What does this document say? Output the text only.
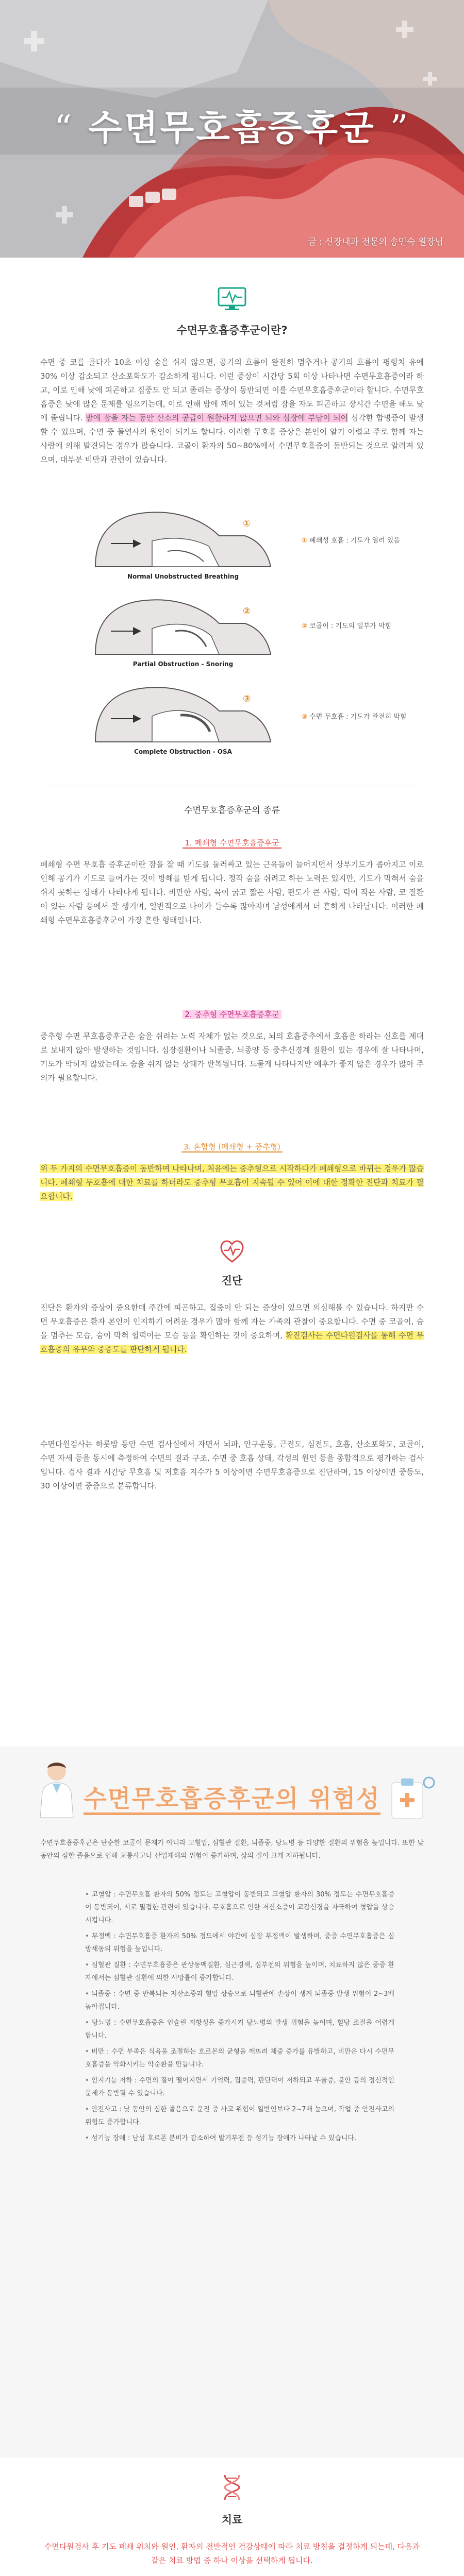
“ 수면무호흡증후군 ”
글 : 신장내과 전문의 송민숙 원장님
수면무호흡증후군이란?

수면 중 코를 골다가 10초 이상 숨을 쉬지 않으면, 공기의 흐름이 완전히 멈추거나 공기의 흐름이 평형치 유에 30% 이상 감소되고 산소포화도가 감소하게 됩니다. 이런 증상이 시간당 5회 이상 나타나면 수면무호흡증이라 하고, 이로 인해 낮에 피곤하고 집중도 안 되고 졸리는 증상이 동반되면 이를 수면무호흡증후군이라 합니다. 수면무호흡증은 낮에 많은 문제를 일으키는데, 이로 인해 밤에 깨어 있는 것처럼 잠을 자도 피곤하고 장시간 수면을 해도 낮에 졸립니다. 밤에 잠을 자는 동안 산소의 공급이 원활하지 않으면 뇌와 심장에 부담이 되어 심각한 합병증이 발생할 수 있으며, 수면 중 돌연사의 원인이 되기도 합니다. 이러한 무호흡 증상은 본인이 알기 어렵고 주로 함께 자는 사람에 의해 발견되는 경우가 많습니다. 코골이 환자의 50~80%에서 수면무호흡증이 동반되는 것으로 알려져 있으며, 대부분 비만과 관련이 있습니다.

①
Normal Unobstructed Breathing
②
Partial Obstruction - Snoring
③
Complete Obstruction - OSA
① 폐쇄성 호흡 : 기도가 열려 있음
② 코골이 : 기도의 일부가 막힘
③ 수면 무호흡 : 기도가 완전히 막힘
수면무호흡증후군의 종류
1. 폐쇄형 수면무호흡증후군

폐쇄형 수면 무호흡 증후군이란 잠을 잘 때 기도를 둘러싸고 있는 근육들이 늘어지면서 상부기도가 좁아지고 이로 인해 공기가 기도로 들어가는 것이 방해를 받게 됩니다. 정작 숨을 쉬려고 하는 노력은 있지만, 기도가 막혀서 숨을 쉬지 못하는 상태가 나타나게 됩니다. 비만한 사람, 목이 굵고 짧은 사람, 편도가 큰 사람, 턱이 작은 사람, 코 질환이 있는 사람 등에서 잘 생기며, 일반적으로 나이가 들수록 많아지며 남성에게서 더 흔하게 나타납니다. 이러한 폐쇄형 수면무호흡증후군이 가장 흔한 형태입니다.

2. 중추형 수면무호흡증후군

중추형 수면 무호흡증후군은 숨을 쉬려는 노력 자체가 없는 것으로, 뇌의 호흡중추에서 호흡을 하라는 신호를 제대로 보내지 않아 발생하는 것입니다. 심장질환이나 뇌졸중, 뇌종양 등 중추신경계 질환이 있는 경우에 잘 나타나며, 기도가 막히지 않았는데도 숨을 쉬지 않는 상태가 반복됩니다. 드물게 나타나지만 예후가 좋지 않은 경우가 많아 주의가 필요합니다.

3. 혼합형 (폐쇄형 + 중추형)

위 두 가지의 수면무호흡증이 동반하여 나타나며, 처음에는 중추형으로 시작하다가 폐쇄형으로 바뀌는 경우가 많습니다. 폐쇄형 무호흡에 대한 치료를 하더라도 중추형 무호흡이 지속될 수 있어 이에 대한 정확한 진단과 치료가 필요합니다.

진단

진단은 환자의 증상이 중요한데 주간에 피곤하고, 집중이 안 되는 증상이 있으면 의심해볼 수 있습니다. 하지만 수면 무호흡증은 환자 본인이 인지하기 어려운 경우가 많아 함께 자는 가족의 관찰이 중요합니다. 수면 중 코골이, 숨을 멈추는 모습, 숨이 막혀 헐떡이는 모습 등을 확인하는 것이 중요하며, 확진검사는 수면다원검사를 통해 수면 무호흡증의 유무와 중증도를 판단하게 됩니다.

수면다원검사는 하룻밤 동안 수면 검사실에서 자면서 뇌파, 안구운동, 근전도, 심전도, 호흡, 산소포화도, 코골이, 수면 자세 등을 동시에 측정하여 수면의 질과 구조, 수면 중 호흡 상태, 각성의 원인 등을 종합적으로 평가하는 검사입니다. 검사 결과 시간당 무호흡 및 저호흡 지수가 5 이상이면 수면무호흡증으로 진단하며, 15 이상이면 중등도, 30 이상이면 중증으로 분류합니다.

수면무호흡증후군의 위험성

수면무호흡증후군은 단순한 코골이 문제가 아니라 고혈압, 심혈관 질환, 뇌졸중, 당뇨병 등 다양한 질환의 위험을 높입니다. 또한 낮 동안의 심한 졸음으로 인해 교통사고나 산업재해의 위험이 증가하며, 삶의 질이 크게 저하됩니다.

• 고혈압 : 수면무호흡 환자의 50% 정도는 고혈압이 동반되고 고혈압 환자의 30% 정도는 수면무호흡증이 동반되어, 서로 밀접한 관련이 있습니다. 무호흡으로 인한 저산소증이 교감신경을 자극하여 혈압을 상승시킵니다.
• 부정맥 : 수면무호흡증 환자의 50% 정도에서 야간에 심장 부정맥이 발생하며, 중증 수면무호흡증은 심방세동의 위험을 높입니다.
• 심혈관 질환 : 수면무호흡증은 관상동맥질환, 심근경색, 심부전의 위험을 높이며, 치료하지 않은 중증 환자에서는 심혈관 질환에 의한 사망률이 증가합니다.
• 뇌졸중 : 수면 중 반복되는 저산소증과 혈압 상승으로 뇌혈관에 손상이 생겨 뇌졸중 발생 위험이 2~3배 높아집니다.
• 당뇨병 : 수면무호흡증은 인슐린 저항성을 증가시켜 당뇨병의 발생 위험을 높이며, 혈당 조절을 어렵게 합니다.
• 비만 : 수면 부족은 식욕을 조절하는 호르몬의 균형을 깨뜨려 체중 증가를 유발하고, 비만은 다시 수면무호흡증을 악화시키는 악순환을 만듭니다.
• 인지기능 저하 : 수면의 질이 떨어지면서 기억력, 집중력, 판단력이 저하되고 우울증, 불안 등의 정신적인 문제가 동반될 수 있습니다.
• 안전사고 : 낮 동안의 심한 졸음으로 운전 중 사고 위험이 일반인보다 2~7배 높으며, 작업 중 안전사고의 위험도 증가합니다.
• 성기능 장애 : 남성 호르몬 분비가 감소하여 발기부전 등 성기능 장애가 나타날 수 있습니다.
치료

수면다원검사 후 기도 폐쇄 위치와 원인, 환자의 전반적인 건강상태에 따라 치료 방침을 결정하게 되는데, 다음과 같은 치료 방법 중 하나 이상을 선택하게 됩니다.
